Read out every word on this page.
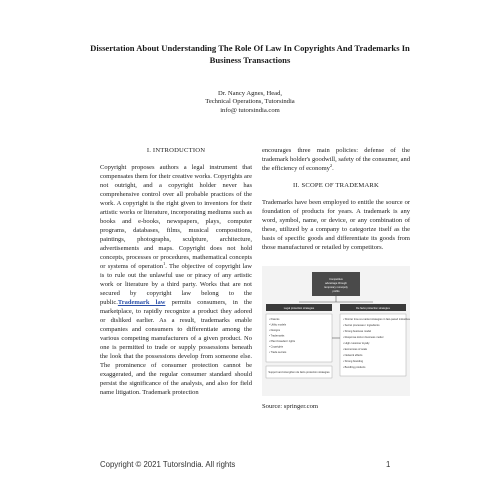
Dissertation About Understanding The Role Of Law In Copyrights And Trademarks In Business Transactions
Dr. Nancy Agnes, Head,
Technical Operations, Tutorsindia
info@ tutorsindia.com
I. INTRODUCTION
Copyright proposes authors a legal instrument that compensates them for their creative works. Copyrights are not outright, and a copyright holder never has comprehensive control over all probable practices of the work. A copyright is the right given to inventors for their artistic works or literature, incorporating mediums such as books and e-books, newspapers, plays, computer programs, databases, films, musical compositions, paintings, photographs, sculpture, architecture, advertisements and maps. Copyright does not hold concepts, processes or procedures, mathematical concepts or systems of operation$^1$. The objective of copyright law is to rule out the unlawful use or piracy of any artistic work or literature by a third party. Works that are not secured by copyright law belong to the public.Trademark law permits consumers, in the marketplace, to rapidly recognize a product they adored or disliked earlier. As a result, trademarks enable companies and consumers to differentiate among the various competing manufacturers of a given product. No one is permitted to trade or supply possessions beneath the look that the possessions develop from someone else. The prominence of consumer protection cannot be exaggerated, and the regular consumer standard should persist the significance of the analysis, and also for field name litigation. Trademark protection
encourages three main policies: defense of the trademark holder's goodwill, safety of the consumer, and the efficiency of economy$^2$.
II. SCOPE OF TRADEMARK
Trademarks have been employed to entitle the source or foundation of products for years. A trademark is any word, symbol, name, or device, or any combination of these, utilized by a company to categorize itself as the basis of specific goods and differentiate its goods from those manufactured or retailed by competitors.
Competitive advantage through temporary monopoly profits
Legal protection strategies	De facto protection strategies
• Patents
• Utility models
• Designs
• Trademarks
• Plant breeders' rights
• Copyrights
• Trade secrets
• Shorter time-to-market strategies in fast-paced industries
• Secret processes / ingredients
• Strong business model
• Response lock-in business model
• High customer loyalty
• Economies of scale
• Network effects
• Strong branding
• Bundling products
Support and strengthen de facto protection strategies
Source: springer.com
Copyright © 2021 TutorsIndia. All rights	1
